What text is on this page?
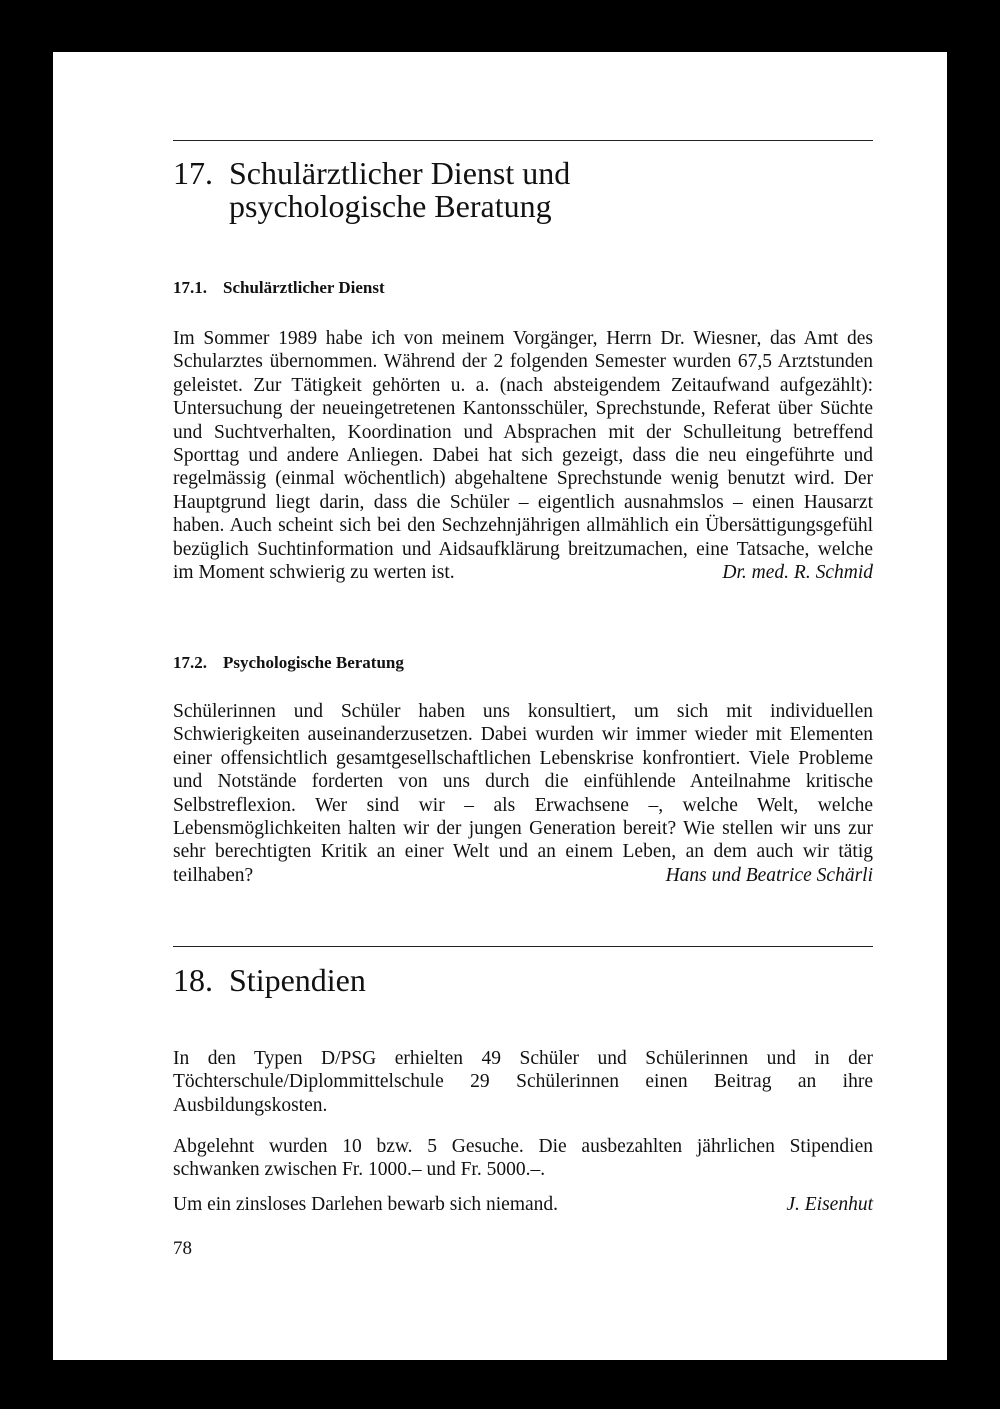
17. Schulärztlicher Dienst und
psychologische Beratung
17.1. Schulärztlicher Dienst

Im Sommer 1989 habe ich von meinem Vorgänger, Herrn Dr. Wiesner, das Amt des Schularztes übernommen. Während der 2 folgenden Semester wurden 67,5 Arztstunden geleistet. Zur Tätigkeit gehörten u. a. (nach absteigendem Zeitaufwand aufgezählt): Untersuchung der neueingetretenen Kantonsschüler, Sprechstunde, Referat über Süchte und Suchtverhalten, Koordination und Absprachen mit der Schulleitung betreffend Sporttag und andere Anliegen. Dabei hat sich gezeigt, dass die neu eingeführte und regelmässig (einmal wöchentlich) abgehaltene Sprechstunde wenig benutzt wird. Der Hauptgrund liegt darin, dass die Schüler – eigentlich ausnahmslos – einen Hausarzt haben. Auch scheint sich bei den Sechzehnjährigen allmählich ein Übersättigungsgefühl bezüglich Suchtinformation und Aidsaufklärung breitzumachen, eine Tatsache, welche im Moment schwierig zu werten ist.	Dr. med. R. Schmid

17.2. Psychologische Beratung

Schülerinnen und Schüler haben uns konsultiert, um sich mit individuellen Schwierigkeiten auseinanderzusetzen. Dabei wurden wir immer wieder mit Elementen einer offensichtlich gesamtgesellschaftlichen Lebenskrise konfrontiert. Viele Probleme und Notstände forderten von uns durch die einfühlende Anteilnahme kritische Selbstreflexion. Wer sind wir – als Erwachsene –, welche Welt, welche Lebensmöglichkeiten halten wir der jungen Generation bereit? Wie stellen wir uns zur sehr berechtigten Kritik an einer Welt und an einem Leben, an dem auch wir tätig teilhaben?	Hans und Beatrice Schärli

18. Stipendien

In den Typen D/PSG erhielten 49 Schüler und Schülerinnen und in der Töchterschule/Diplommittelschule 29 Schülerinnen einen Beitrag an ihre Ausbildungskosten.

Abgelehnt wurden 10 bzw. 5 Gesuche. Die ausbezahlten jährlichen Stipendien schwanken zwischen Fr. 1000.– und Fr. 5000.–.

Um ein zinsloses Darlehen bewarb sich niemand.	J. Eisenhut

78
